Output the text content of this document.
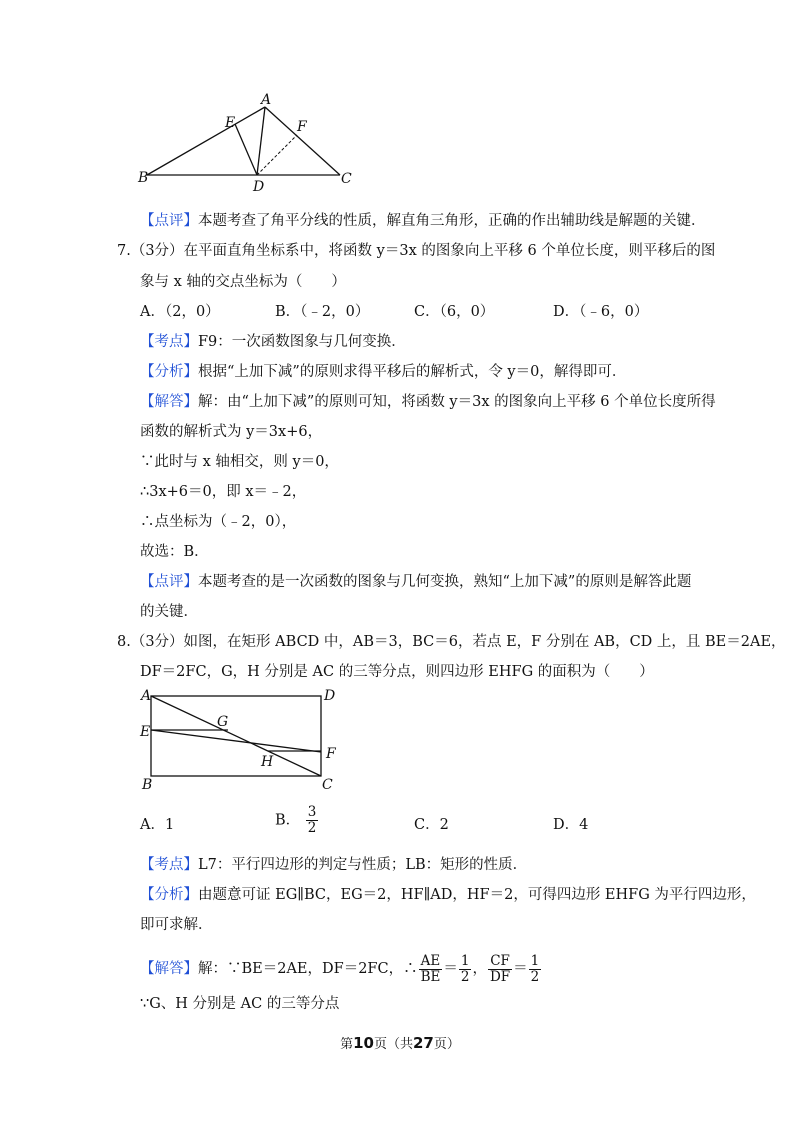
A
E	F
B
D	C
【点评】本题考查了角平分线的性质，解直角三角形，正确的作出辅助线是解题的关键．
7.（3分）在平面直角坐标系中，将函数 y＝3x 的图象向上平移 6 个单位长度，则平移后的图
象与 x 轴的交点坐标为（　　）
A．（2，0）	B．（﹣2，0）	C．（6，0）	D．（﹣6，0）
【考点】F9：一次函数图象与几何变换．
【分析】根据“上加下减”的原则求得平移后的解析式，令 y＝0，解得即可．
【解答】解：由“上加下减”的原则可知，将函数 y＝3x 的图象向上平移 6 个单位长度所得
函数的解析式为 y＝3x+6，
∵此时与 x 轴相交，则 y＝0，
∴3x+6＝0，即 x＝﹣2，
∴点坐标为（﹣2，0），
故选：B．
【点评】本题考查的是一次函数的图象与几何变换，熟知“上加下减”的原则是解答此题
的关键．
8.（3分）如图，在矩形 ABCD 中，AB＝3，BC＝6，若点 E，F 分别在 AB，CD 上，且 BE＝2AE，
DF＝2FC，G，H 分别是 AC 的三等分点，则四边形 EHFG 的面积为（　　）
A	D
E
G
F
H
B	C
A．1	B． $\frac{3}{2}$	C．2	D．4
【考点】L7：平行四边形的判定与性质；LB：矩形的性质．
【分析】由题意可证 EG∥BC，EG＝2，HF∥AD，HF＝2，可得四边形 EHFG 为平行四边形，
即可求解．
【解答】解：∵BE＝2AE，DF＝2FC，∴ $\frac{AE}{BE} = \frac{1}{2}$ ， $\frac{CF}{DF} = \frac{1}{2}$
∵G、H 分别是 AC 的三等分点
第10页（共27页）
